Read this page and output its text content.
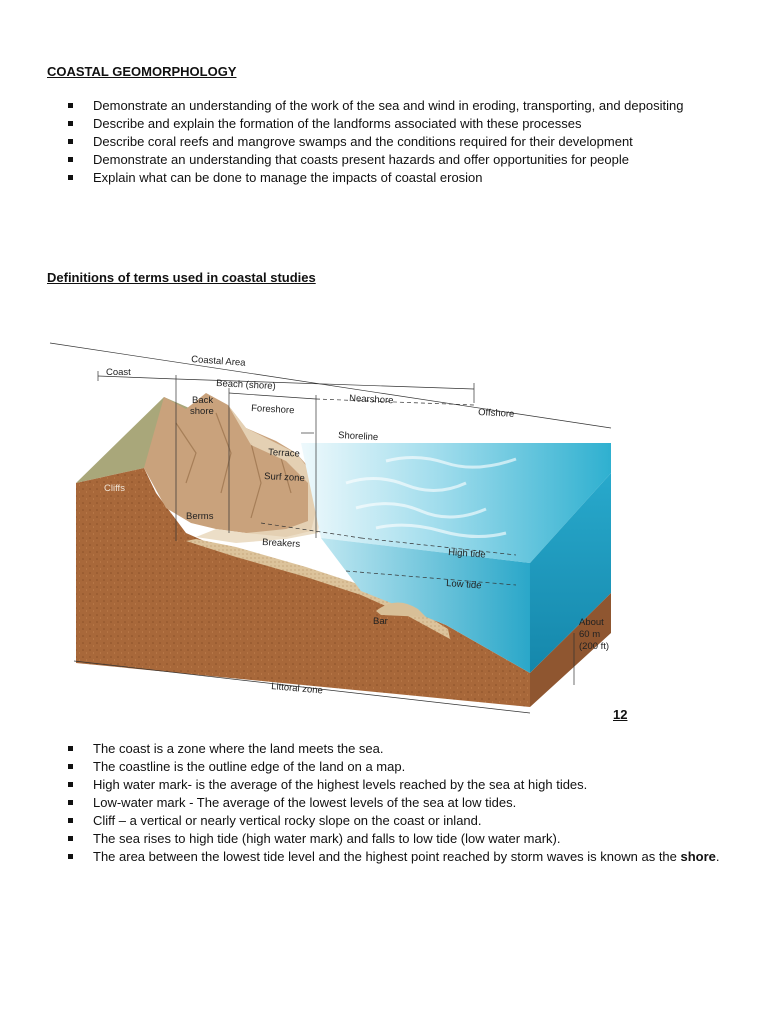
COASTAL GEOMORPHOLOGY
Demonstrate an understanding of the work of the sea and wind in eroding, transporting, and depositing
Describe and explain the formation of the landforms associated with these processes
Describe coral reefs and mangrove swamps and the conditions required for their development
Demonstrate an understanding that coasts present hazards and offer opportunities for people
Explain what can be done to manage the impacts of coastal erosion
Definitions of terms used in coastal studies
Coastal Area
Coast
Beach (shore)
Nearshore
Offshore
Back
shore	Foreshore
Shoreline
Terrace
Surf zone
Cliffs
Berms
Breakers
High tide
Low tide
Bar	About
60 m
(200 ft)
Littoral zone
12
The coast is a zone where the land meets the sea.
The coastline is the outline edge of the land on a map.
High water mark- is the average of the highest levels reached by the sea at high tides.
Low-water mark - The average of the lowest levels of the sea at low tides.
Cliff – a vertical or nearly vertical rocky slope on the coast or inland.
The sea rises to high tide (high water mark) and falls to low tide (low water mark).
The area between the lowest tide level and the highest point reached by storm waves is known as the shore.
